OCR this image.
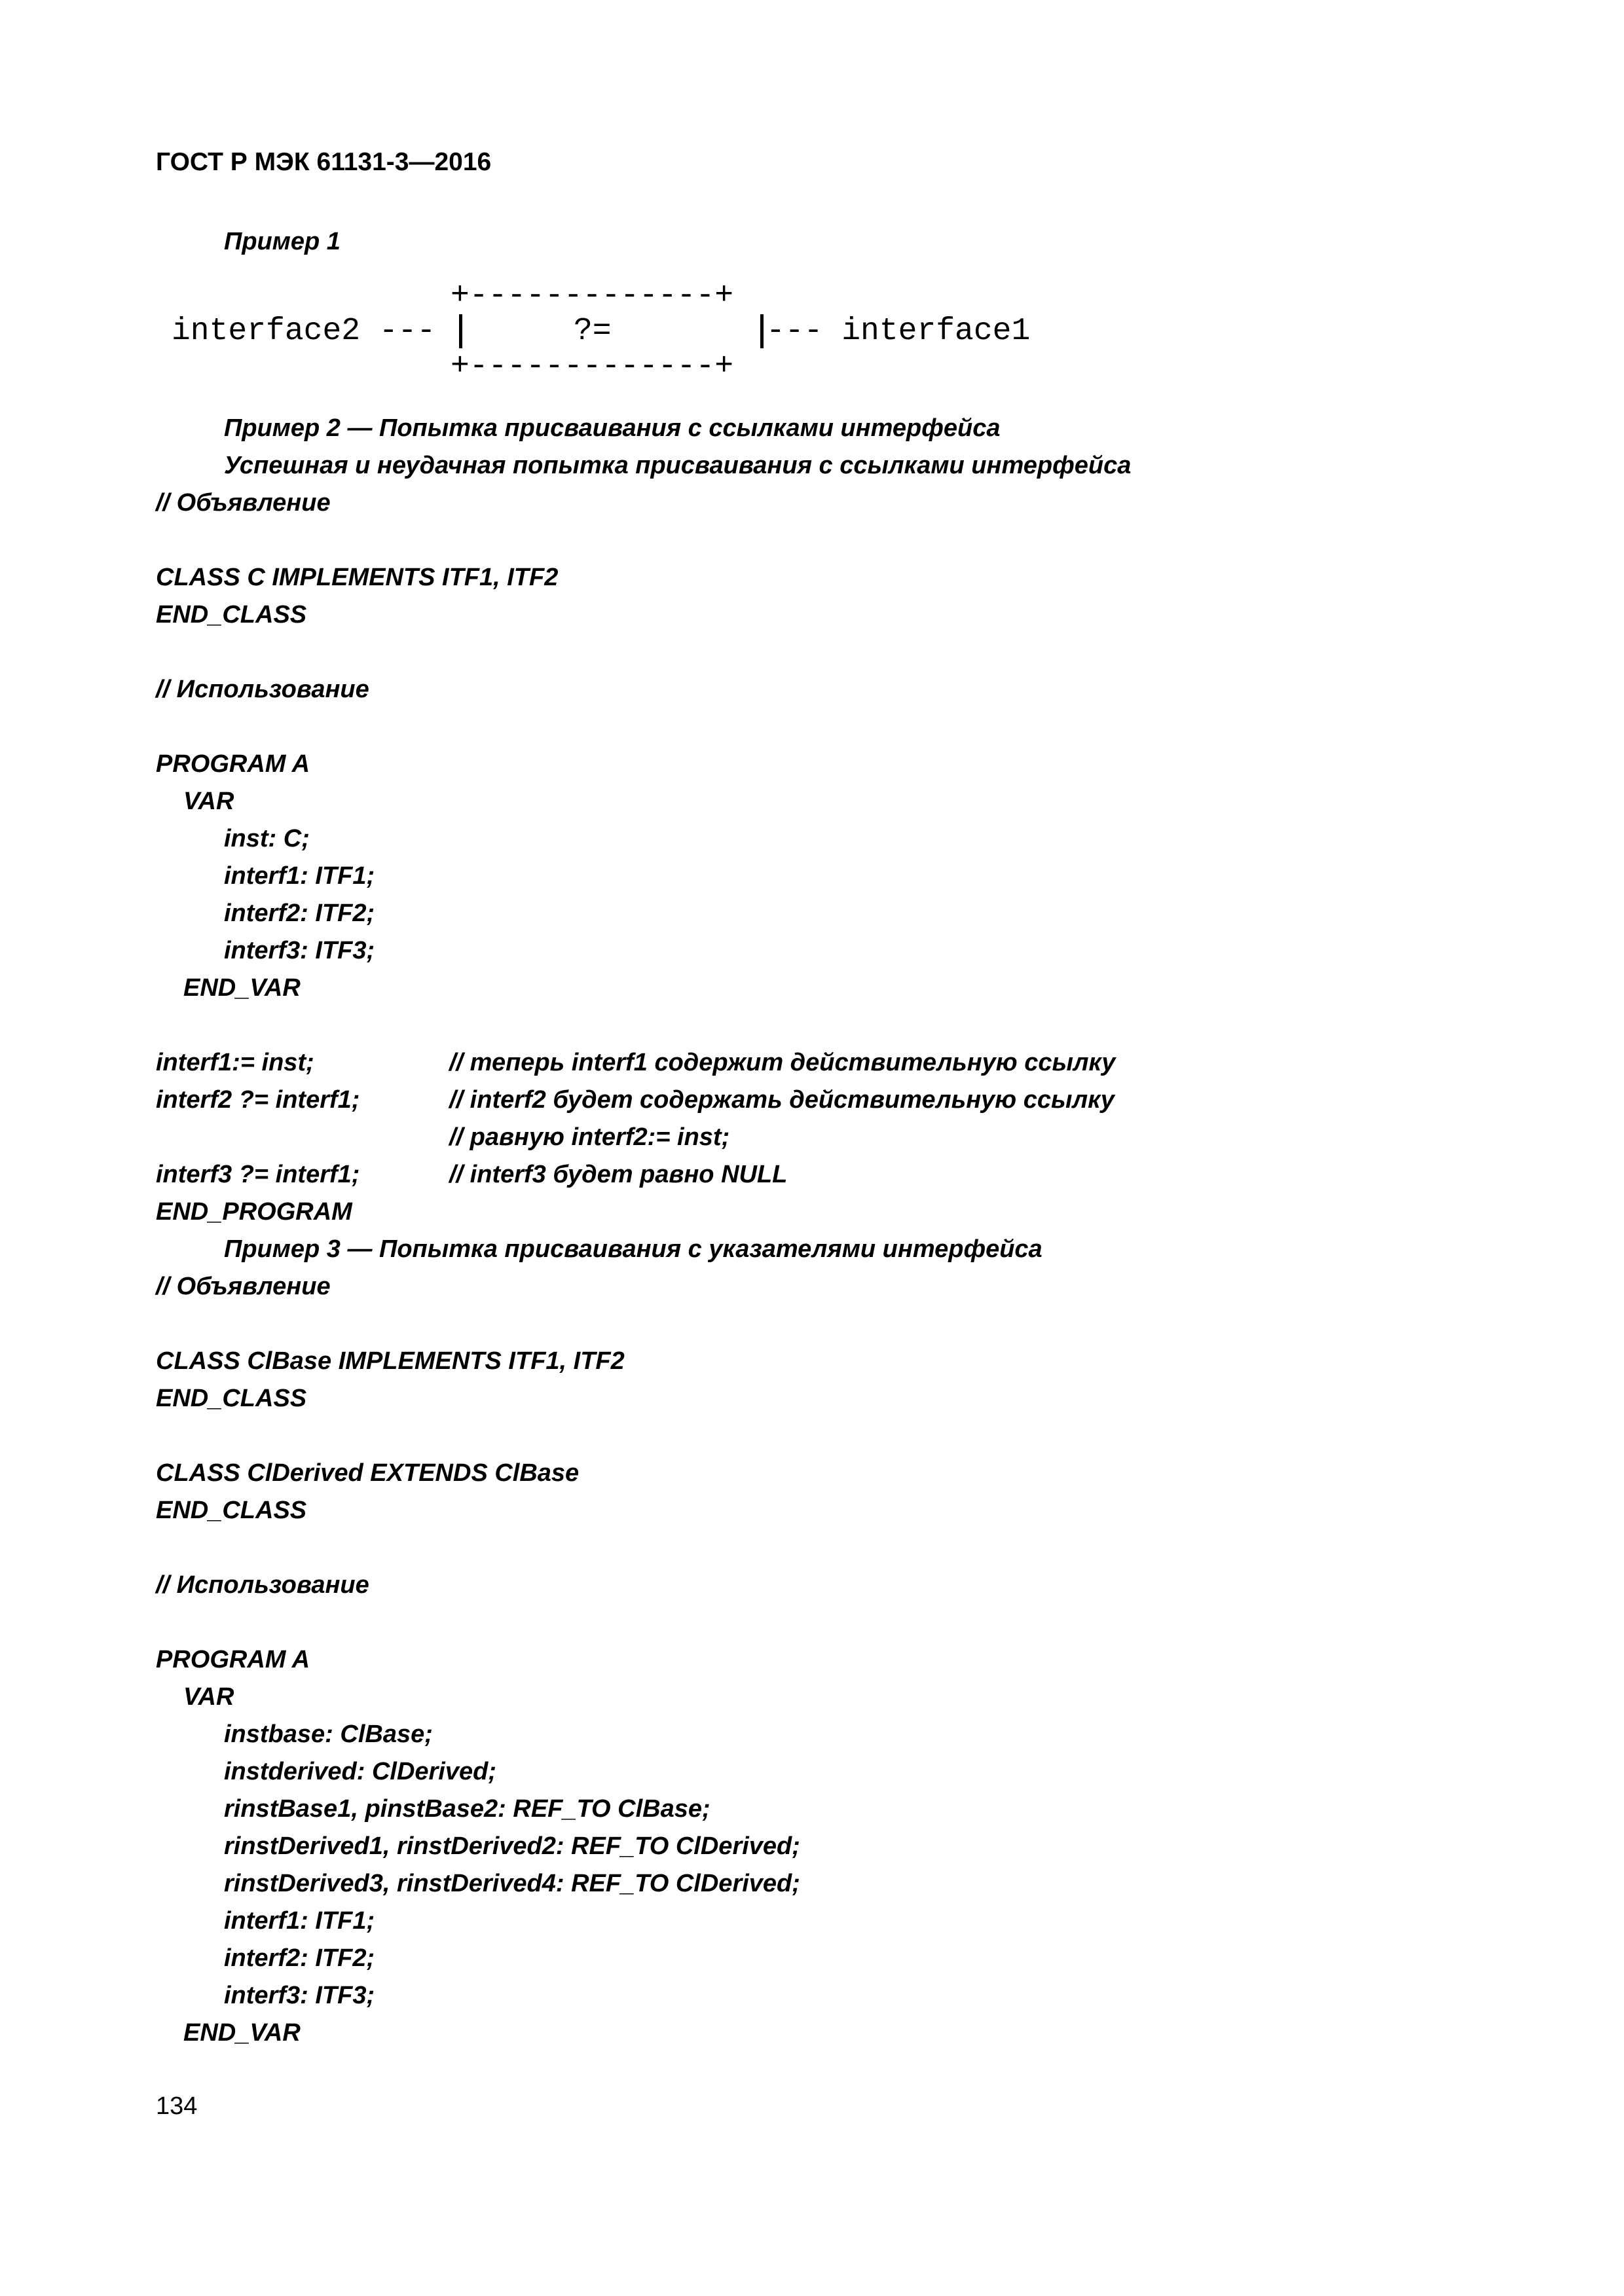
ГОСТ Р МЭК 61131-3—2016
Пример 1
+-------------+
interface2 ---	?=	--- interface1
+-------------+
Пример 2 — Попытка присваивания с ссылками интерфейса
Успешная и неудачная попытка присваивания с ссылками интерфейса
// Объявление
CLASS C IMPLEMENTS ITF1, ITF2
END_CLASS
// Использование
PROGRAM A
VAR
inst: C;
interf1: ITF1;
interf2: ITF2;
interf3: ITF3;
END_VAR
interf1:= inst;	// теперь interf1 содержит действительную ссылку
interf2 ?= interf1;	// interf2 будет содержать действительную ссылку
// равную interf2:= inst;
interf3 ?= interf1;	// interf3 будет равно NULL
END_PROGRAM
Пример 3 — Попытка присваивания с указателями интерфейса
// Объявление
CLASS ClBase IMPLEMENTS ITF1, ITF2
END_CLASS
CLASS ClDerived EXTENDS ClBase
END_CLASS
// Использование
PROGRAM A
VAR
instbase: ClBase;
instderived: ClDerived;
rinstBase1, pinstBase2: REF_TO ClBase;
rinstDerived1, rinstDerived2: REF_TO ClDerived;
rinstDerived3, rinstDerived4: REF_TO ClDerived;
interf1: ITF1;
interf2: ITF2;
interf3: ITF3;
END_VAR
134
